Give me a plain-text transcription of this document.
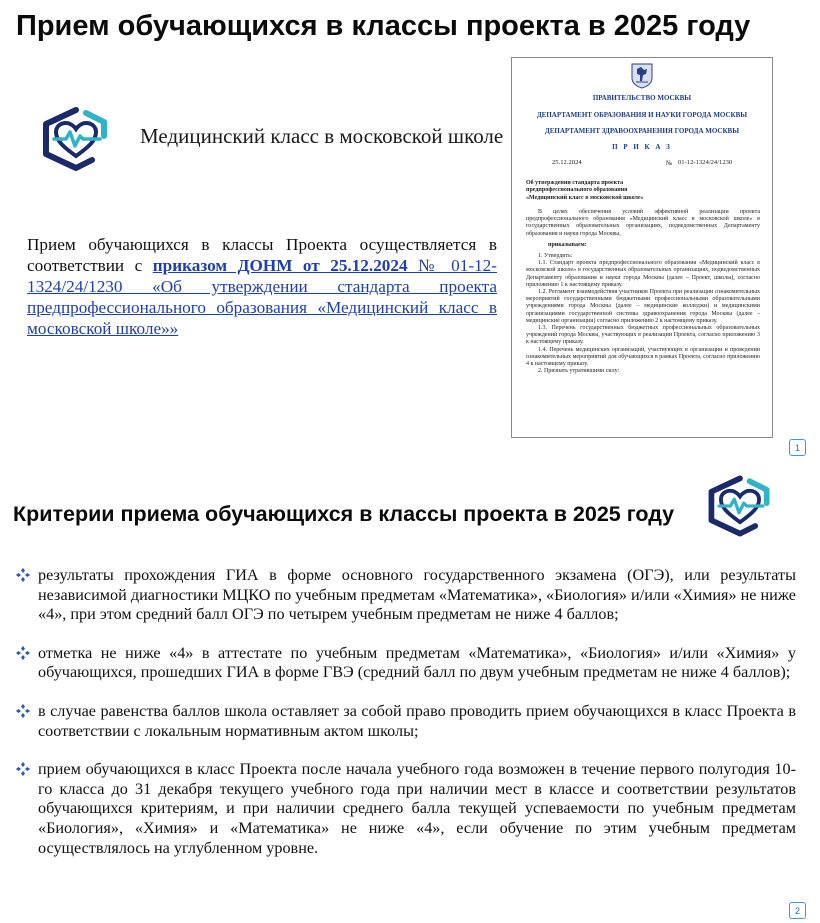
Прием обучающихся в классы проекта в 2025 году
Медицинский класс в московской школе
Прием обучающихся в классы Проекта осуществляется в соответствии с приказом ДОНМ от 25.12.2024 № 01-12-1324/24/1230 «Об утверждении стандарта проекта предпрофессионального образования «Медицинский класс в московской школе»»
ПРАВИТЕЛЬСТВО МОСКВЫ
ДЕПАРТАМЕНТ ОБРАЗОВАНИЯ И НАУКИ ГОРОДА МОСКВЫ
ДЕПАРТАМЕНТ ЗДРАВООХРАНЕНИЯ ГОРОДА МОСКВЫ
П Р И К А З
25.12.2024	№ 01-12-1324/24/1230
Об утверждении стандарта проекта предпрофессионального образования «Медицинский класс в московской школе»

В целях обеспечения условий эффективной реализации проекта предпрофессионального образования «Медицинский класс в московской школе» в государственных образовательных организациях, подведомственных Департаменту образования и науки города Москвы,

приказываем:

1. Утвердить:

1.1. Стандарт проекта предпрофессионального образования «Медицинский класс в московской школе» в государственных образовательных организациях, подведомственных Департаменту образования и науки города Москвы (далее – Проект, школы), согласно приложению 1 к настоящему приказу.

1.2. Регламент взаимодействия участников Проекта при реализации ознакомительных мероприятий государственными бюджетными профессиональными образовательными учреждениями города Москвы (далее – медицинские колледжи) и медицинскими организациями государственной системы здравоохранения города Москвы (далее – медицинские организации) согласно приложению 2 к настоящему приказу.

1.3. Перечень государственных бюджетных профессиональных образовательных учреждений города Москвы, участвующих в реализации Проекта, согласно приложению 3 к настоящему приказу.

1.4. Перечень медицинских организаций, участвующих в организации и проведении ознакомительных мероприятий для обучающихся в рамках Проекта, согласно приложению 4 к настоящему приказу.

2. Признать утратившими силу:

1
Критерии приема обучающихся в классы проекта в 2025 году
результаты прохождения ГИА в форме основного государственного экзамена (ОГЭ), или результаты независимой диагностики МЦКО по учебным предметам «Математика», «Биология» и/или «Химия» не ниже «4», при этом средний балл ОГЭ по четырем учебным предметам не ниже 4 баллов;
отметка не ниже «4» в аттестате по учебным предметам «Математика», «Биология» и/или «Химия» у обучающихся, прошедших ГИА в форме ГВЭ (средний балл по двум учебным предметам не ниже 4 баллов);
в случае равенства баллов школа оставляет за собой право проводить прием обучающихся в класс Проекта в соответствии с локальным нормативным актом школы;
прием обучающихся в класс Проекта после начала учебного года возможен в течение первого полугодия 10-го класса до 31 декабря текущего учебного года при наличии мест в классе и соответствии результатов обучающихся критериям, и при наличии среднего балла текущей успеваемости по учебным предметам «Биология», «Химия» и «Математика» не ниже «4», если обучение по этим учебным предметам осуществлялось на углубленном уровне.
2
